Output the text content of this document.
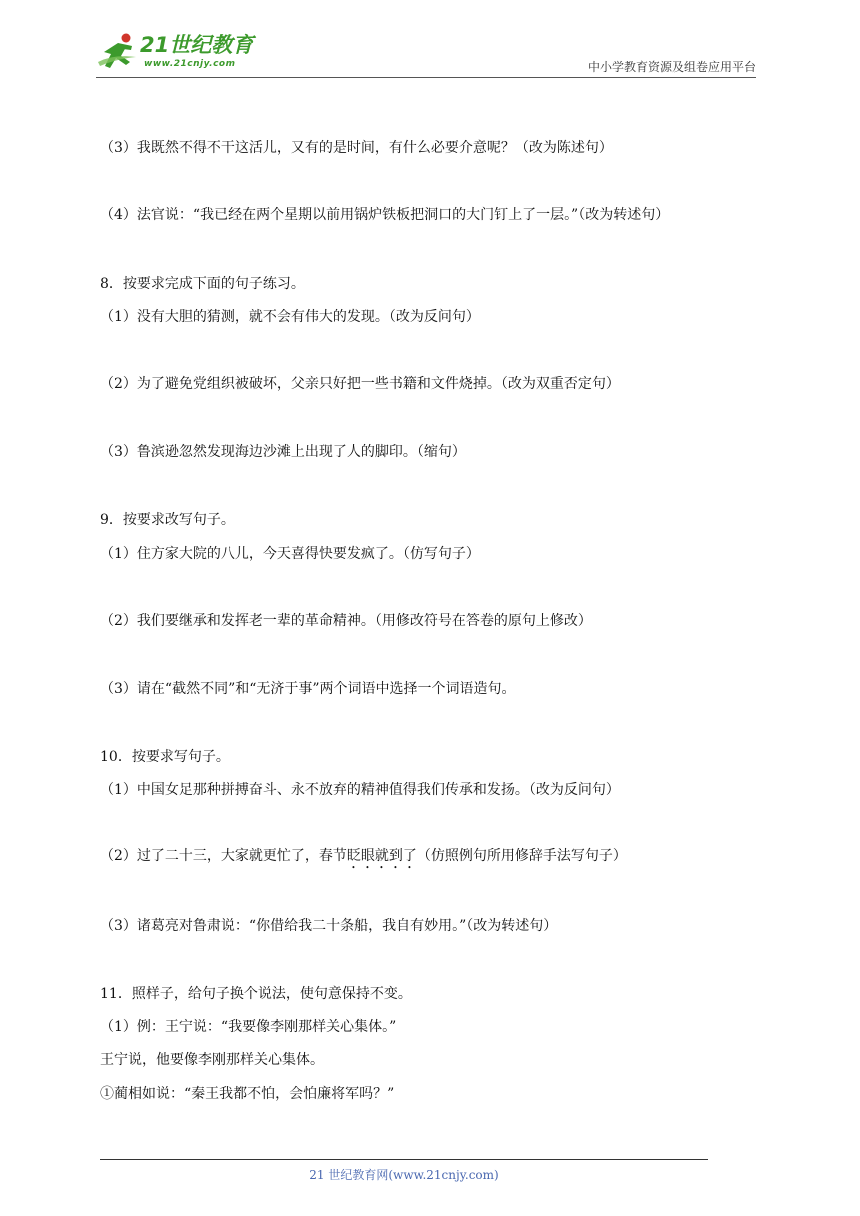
21世纪教育
www.21cnjy.com	中小学教育资源及组卷应用平台
（3）我既然不得不干这活儿，又有的是时间，有什么必要介意呢？（改为陈述句）
（4）法官说：“我已经在两个星期以前用锅炉铁板把洞口的大门钉上了一层。”（改为转述句）
8．按要求完成下面的句子练习。
（1）没有大胆的猜测，就不会有伟大的发现。（改为反问句）
（2）为了避免党组织被破坏，父亲只好把一些书籍和文件烧掉。（改为双重否定句）
（3）鲁滨逊忽然发现海边沙滩上出现了人的脚印。（缩句）
9．按要求改写句子。
（1）住方家大院的八儿，今天喜得快要发疯了。（仿写句子）
（2）我们要继承和发挥老一辈的革命精神。（用修改符号在答卷的原句上修改）
（3）请在“截然不同”和“无济于事”两个词语中选择一个词语造句。
10．按要求写句子。
（1）中国女足那种拼搏奋斗、永不放弃的精神值得我们传承和发扬。（改为反问句）
（2）过了二十三，大家就更忙了，春节眨眼就到了（仿照例句所用修辞手法写句子）
（3）诸葛亮对鲁肃说：“你借给我二十条船，我自有妙用。”（改为转述句）
11．照样子，给句子换个说法，使句意保持不变。
（1）例：王宁说：“我要像李刚那样关心集体。”
王宁说，他要像李刚那样关心集体。
①蔺相如说：“秦王我都不怕，会怕廉将军吗？”
21 世纪教育网(www.21cnjy.com)
